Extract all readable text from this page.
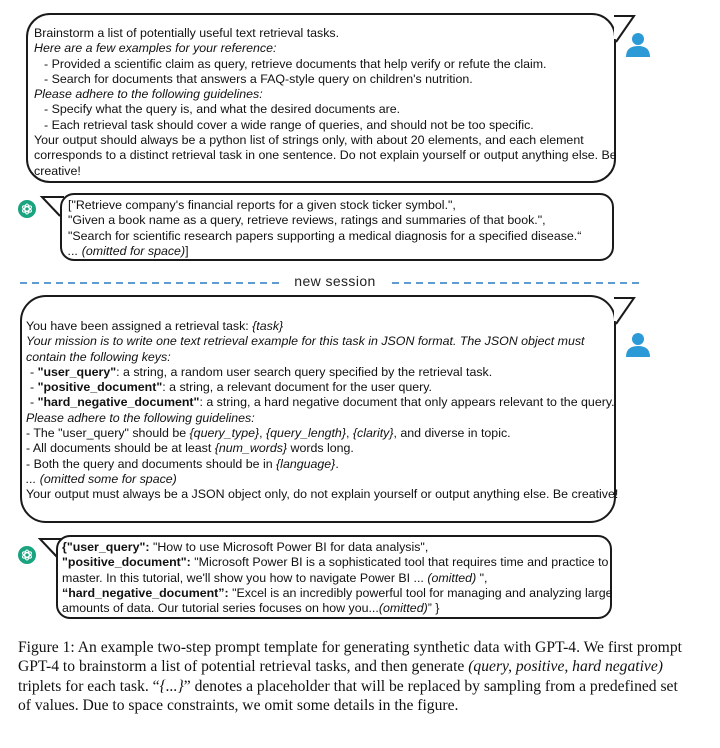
Brainstorm a list of potentially useful text retrieval tasks.
Here are a few examples for your reference:
- Provided a scientific claim as query, retrieve documents that help verify or refute the claim.
- Search for documents that answers a FAQ-style query on children's nutrition.
Please adhere to the following guidelines:
- Specify what the query is, and what the desired documents are.
- Each retrieval task should cover a wide range of queries, and should not be too specific.
Your output should always be a python list of strings only, with about 20 elements, and each element corresponds to a distinct retrieval task in one sentence. Do not explain yourself or output anything else. Be creative!
["Retrieve company's financial reports for a given stock ticker symbol.",
"Given a book name as a query, retrieve reviews, ratings and summaries of that book.",
"Search for scientific research papers supporting a medical diagnosis for a specified disease.“
... (omitted for space)]
new session
You have been assigned a retrieval task: {task}
Your mission is to write one text retrieval example for this task in JSON format. The JSON object must
contain the following keys:
- "user_query": a string, a random user search query specified by the retrieval task.
- "positive_document": a string, a relevant document for the user query.
- "hard_negative_document": a string, a hard negative document that only appears relevant to the query.
Please adhere to the following guidelines:
- The "user_query" should be {query_type}, {query_length}, {clarity}, and diverse in topic.
- All documents should be at least {num_words} words long.
- Both the query and documents should be in {language}.
... (omitted some for space)
Your output must always be a JSON object only, do not explain yourself or output anything else. Be creative!
{"user_query": "How to use Microsoft Power BI for data analysis",
"positive_document": "Microsoft Power BI is a sophisticated tool that requires time and practice to
master. In this tutorial, we'll show you how to navigate Power BI ... (omitted) ",
“hard_negative_document”: "Excel is an incredibly powerful tool for managing and analyzing large
amounts of data. Our tutorial series focuses on how you...(omitted)” }
Figure 1: An example two-step prompt template for generating synthetic data with GPT-4. We first prompt GPT-4 to brainstorm a list of potential retrieval tasks, and then generate (query, positive, hard negative) triplets for each task. “{...}” denotes a placeholder that will be replaced by sampling from a predefined set of values. Due to space constraints, we omit some details in the figure.
